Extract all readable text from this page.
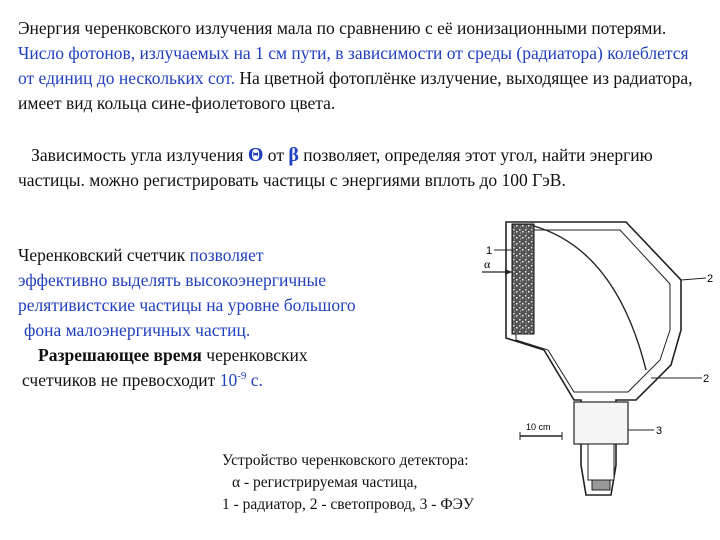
Энергия черенковского излучения мала по сравнению с её ионизационными потерями. Число фотонов, излучаемых на 1 см пути, в зависимости от среды (радиатора) колеблется от единиц до нескольких сот. На цветной фотоплёнке излучение, выходящее из радиатора, имеет вид кольца сине-фиолетового цвета.
Зависимость угла излучения Θ от β позволяет, определяя этот угол, найти энергию частицы. можно регистрировать частицы с энергиями вплоть до 100 ГэВ.
Черенковский счетчик позволяет
эффективно выделять высокоэнергичные
релятивистские частицы на уровне большого
фона малоэнергичных частиц.
Разрешающее время черенковских
счетчиков не превосходит $10^{-9}$ с.
1
α
2
2
3
10 cm
Устройство черенковского детектора:
α - регистрируемая частица,
1 - радиатор, 2 - светопровод, 3 - ФЭУ
